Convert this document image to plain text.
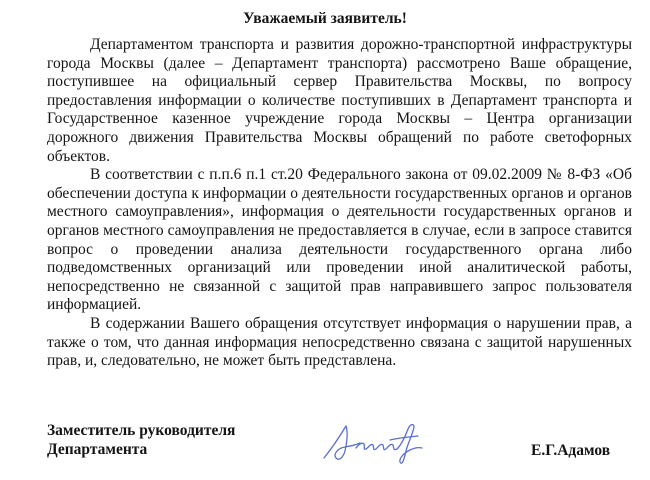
Уважаемый заявитель!

Департаментом транспорта и развития дорожно-транспортной инфраструктуры города Москвы (далее – Департамент транспорта) рассмотрено Ваше обращение, поступившее на официальный сервер Правительства Москвы, по вопросу предоставления информации о количестве поступивших в Департамент транспорта и Государственное казенное учреждение города Москвы – Центра организации дорожного движения Правительства Москвы обращений по работе светофорных объектов.

В соответствии с п.п.6 п.1 ст.20 Федерального закона от 09.02.2009 № 8-ФЗ «Об обеспечении доступа к информации о деятельности государственных органов и органов местного самоуправления», информация о деятельности государственных органов и органов местного самоуправления не предоставляется в случае, если в запросе ставится вопрос о проведении анализа деятельности государственного органа либо подведомственных организаций или проведении иной аналитической работы, непосредственно не связанной с защитой прав направившего запрос пользователя информацией.

В содержании Вашего обращения отсутствует информация о нарушении прав, а также о том, что данная информация непосредственно связана с защитой нарушенных прав, и, следовательно, не может быть представлена.

Заместитель руководителя
Департамента	Е.Г.Адамов
